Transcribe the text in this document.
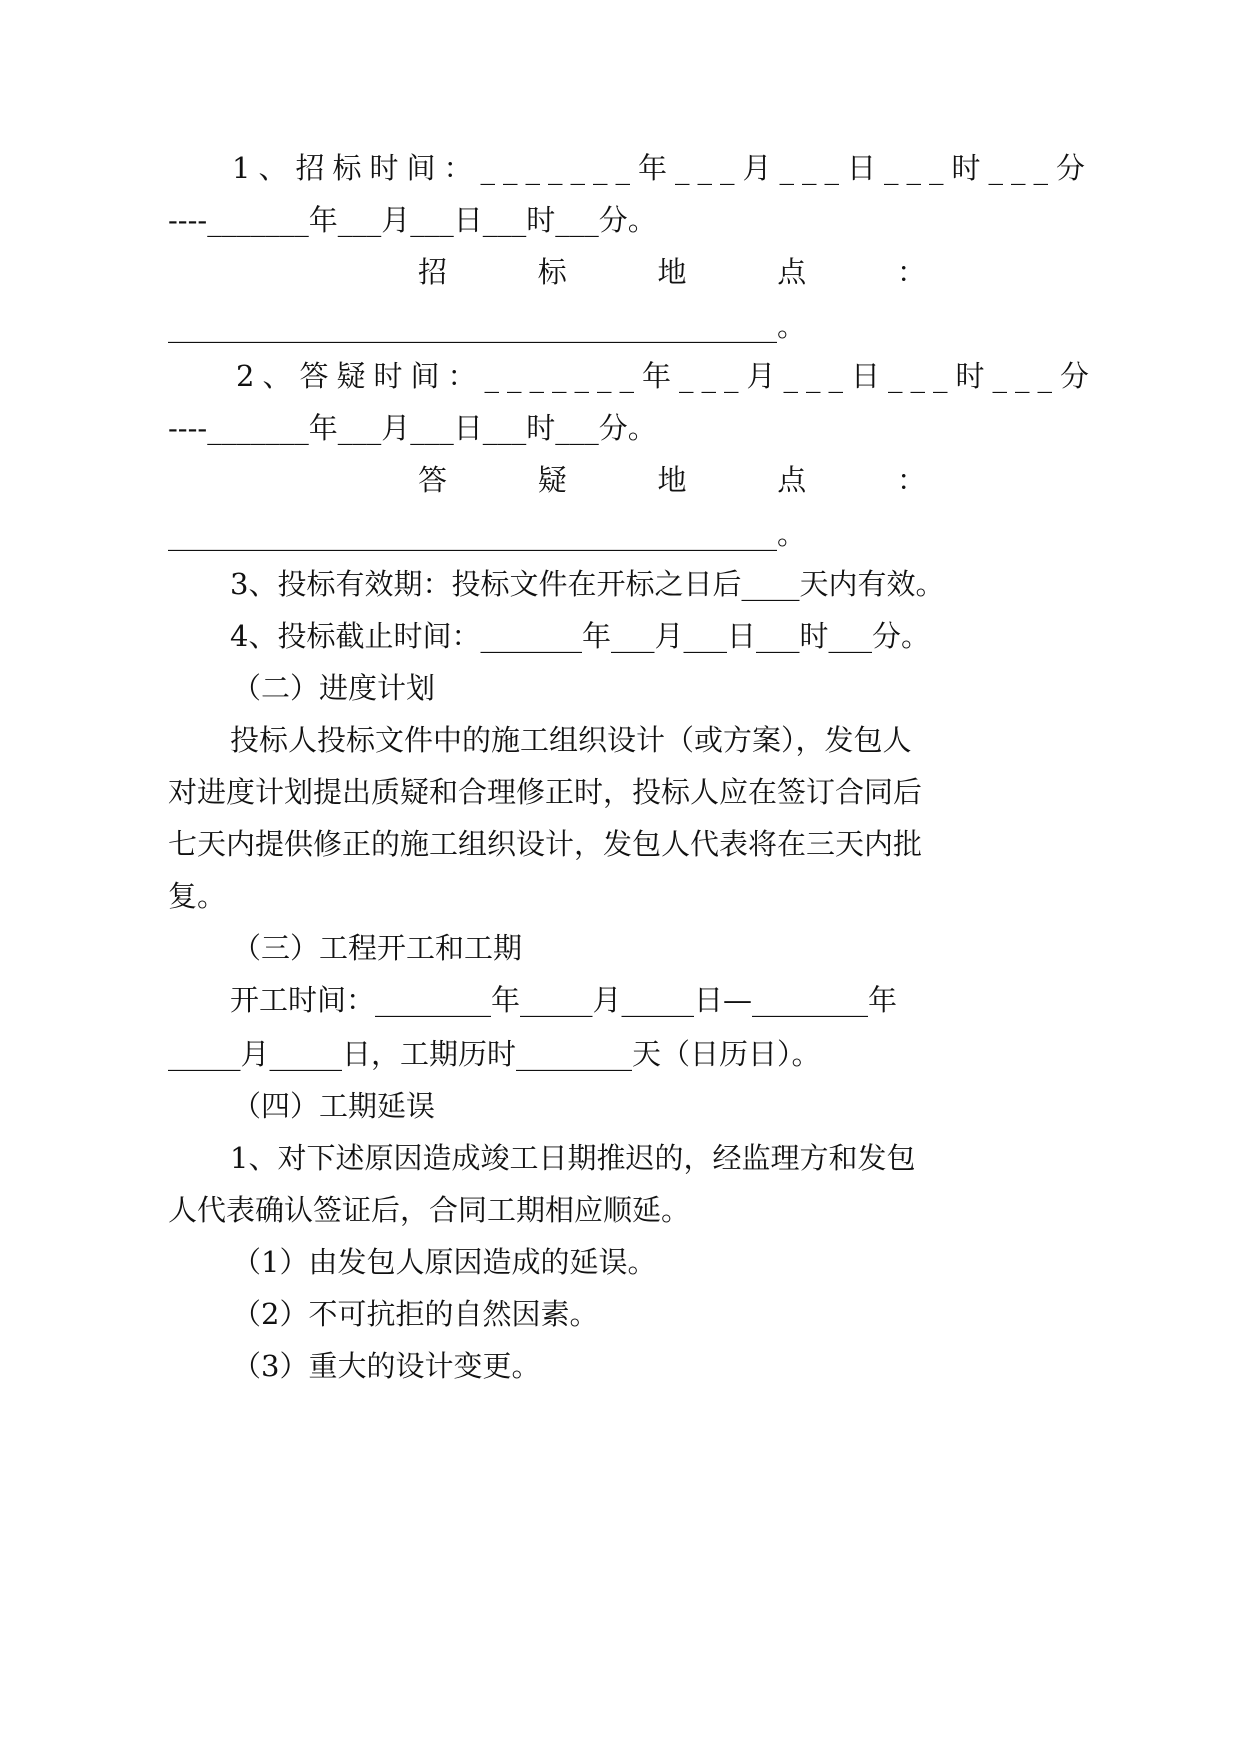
1、招标时间：_______年___月___日___时___分
----_______年___月___日___时___分。
招	标	地	点	：
__________________________________________。
2、答疑时间：_______年___月___日___时___分
----_______年___月___日___时___分。
答	疑	地	点	：
__________________________________________。
3、投标有效期：投标文件在开标之日后____天内有效。
4、投标截止时间：_______年___月___日___时___分。
（二）进度计划
投标人投标文件中的施工组织设计（或方案），发包人
对进度计划提出质疑和合理修正时，投标人应在签订合同后
七天内提供修正的施工组织设计，发包人代表将在三天内批
复。
（三）工程开工和工期
开工时间：________年_____月_____日—________年
_____月_____日，工期历时________天（日历日）。
（四）工期延误
1、对下述原因造成竣工日期推迟的，经监理方和发包
人代表确认签证后，合同工期相应顺延。
（1）由发包人原因造成的延误。
（2）不可抗拒的自然因素。
（3）重大的设计变更。
